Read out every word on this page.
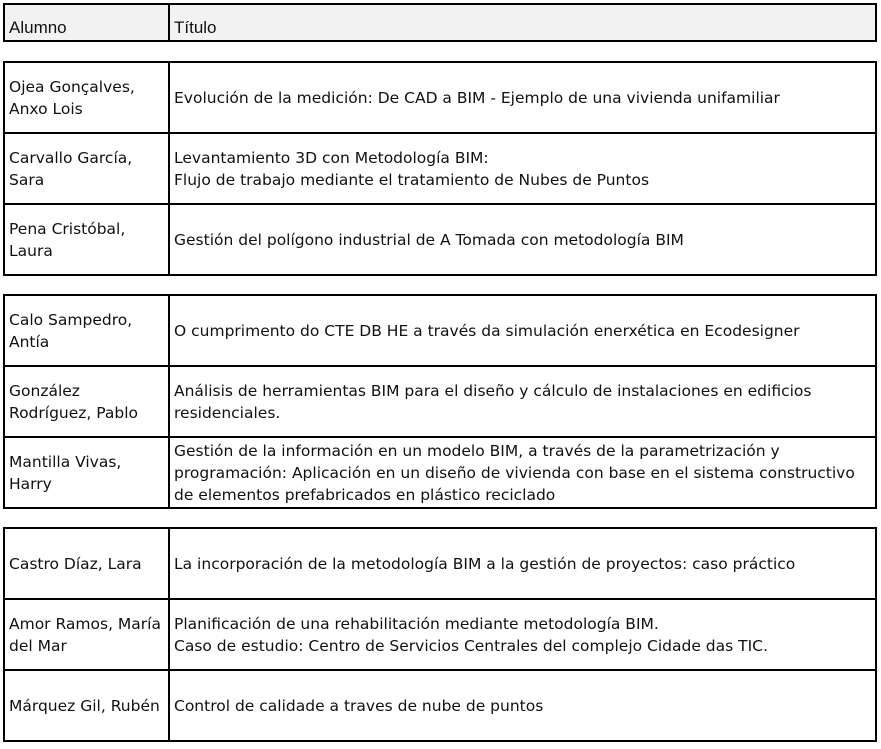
Alumno	Título
Ojea Gonçalves, Anxo Lois	Evolución de la medición: De CAD a BIM - Ejemplo de una vivienda unifamiliar

Carvallo García, Sara	Levantamiento 3D con Metodología BIM:
Flujo de trabajo mediante el tratamiento de Nubes de Puntos

Pena Cristóbal, Laura	Gestión del polígono industrial de A Tomada con metodología BIM
Calo Sampedro, Antía	O cumprimento do CTE DB HE a través da simulación enerxética en Ecodesigner

González Rodríguez, Pablo	Análisis de herramientas BIM para el diseño y cálculo de instalaciones en edificios residenciales.

Mantilla Vivas, Harry	Gestión de la información en un modelo BIM, a través de la parametrización y programación: Aplicación en un diseño de vivienda con base en el sistema constructivo de elementos prefabricados en plástico reciclado
Castro Díaz, Lara	La incorporación de la metodología BIM a la gestión de proyectos: caso práctico

Amor Ramos, María del Mar	Planificación de una rehabilitación mediante metodología BIM.
Caso de estudio: Centro de Servicios Centrales del complejo Cidade das TIC.

Márquez Gil, Rubén	Control de calidade a traves de nube de puntos
